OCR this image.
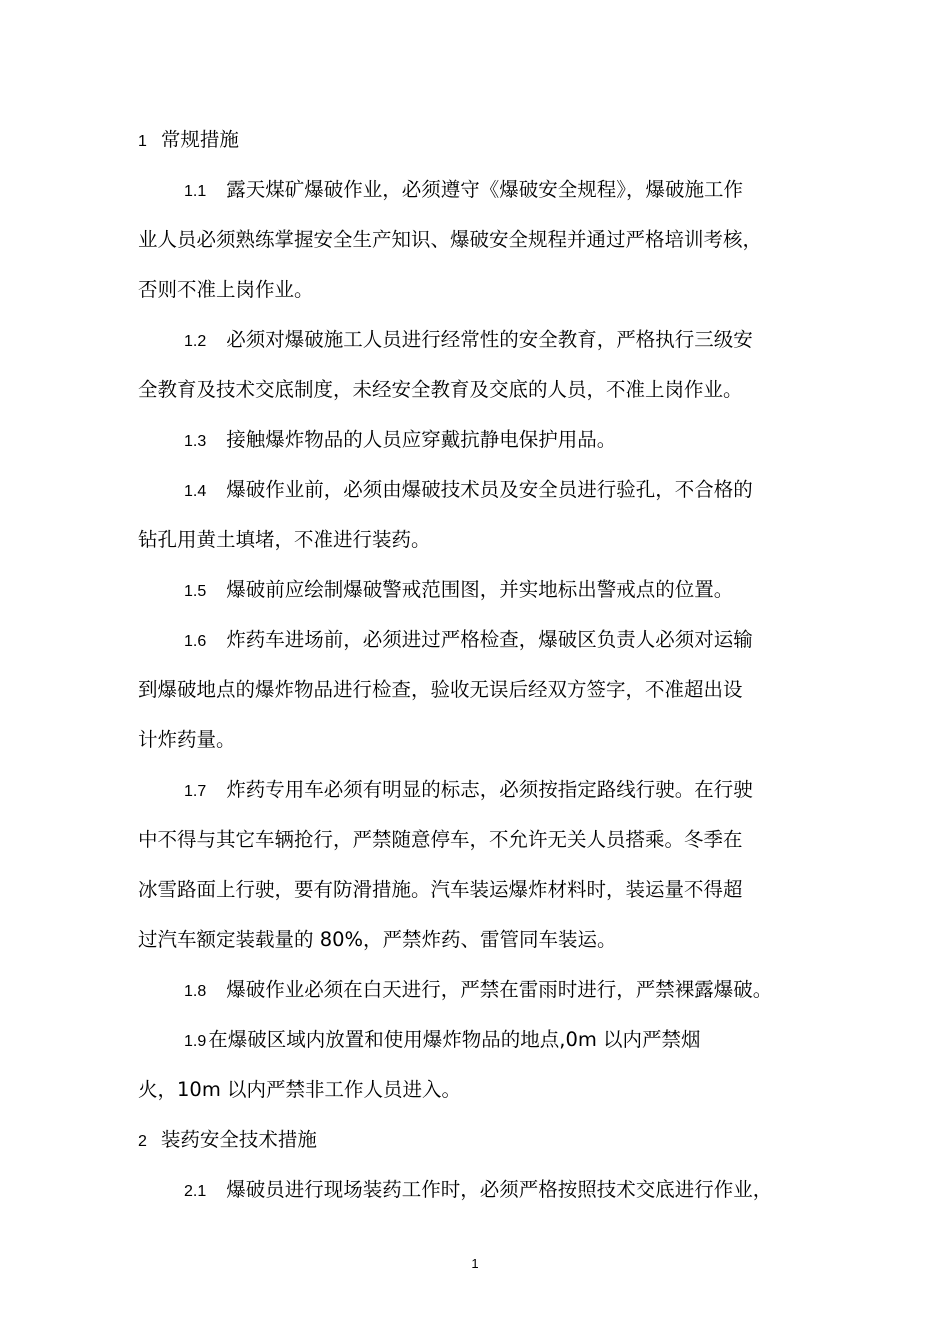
1 常规措施
1.1 露天煤矿爆破作业，必须遵守《爆破安全规程》，爆破施工作
业人员必须熟练掌握安全生产知识、爆破安全规程并通过严格培训考核，
否则不准上岗作业。
1.2 必须对爆破施工人员进行经常性的安全教育，严格执行三级安
全教育及技术交底制度，未经安全教育及交底的人员，不准上岗作业。
1.3 接触爆炸物品的人员应穿戴抗静电保护用品。
1.4 爆破作业前，必须由爆破技术员及安全员进行验孔，不合格的
钻孔用黄土填堵，不准进行装药。
1.5 爆破前应绘制爆破警戒范围图，并实地标出警戒点的位置。
1.6 炸药车进场前，必须进过严格检查，爆破区负责人必须对运输
到爆破地点的爆炸物品进行检查，验收无误后经双方签字，不准超出设
计炸药量。
1.7 炸药专用车必须有明显的标志，必须按指定路线行驶。在行驶
中不得与其它车辆抢行，严禁随意停车，不允许无关人员搭乘。冬季在
冰雪路面上行驶，要有防滑措施。汽车装运爆炸材料时，装运量不得超
过汽车额定装载量的 80%，严禁炸药、雷管同车装运。
1.8 爆破作业必须在白天进行，严禁在雷雨时进行，严禁裸露爆破。
1.9 在爆破区域内放置和使用爆炸物品的地点,0m 以内严禁烟
火，10m 以内严禁非工作人员进入。
2 装药安全技术措施
2.1 爆破员进行现场装药工作时，必须严格按照技术交底进行作业，
1
